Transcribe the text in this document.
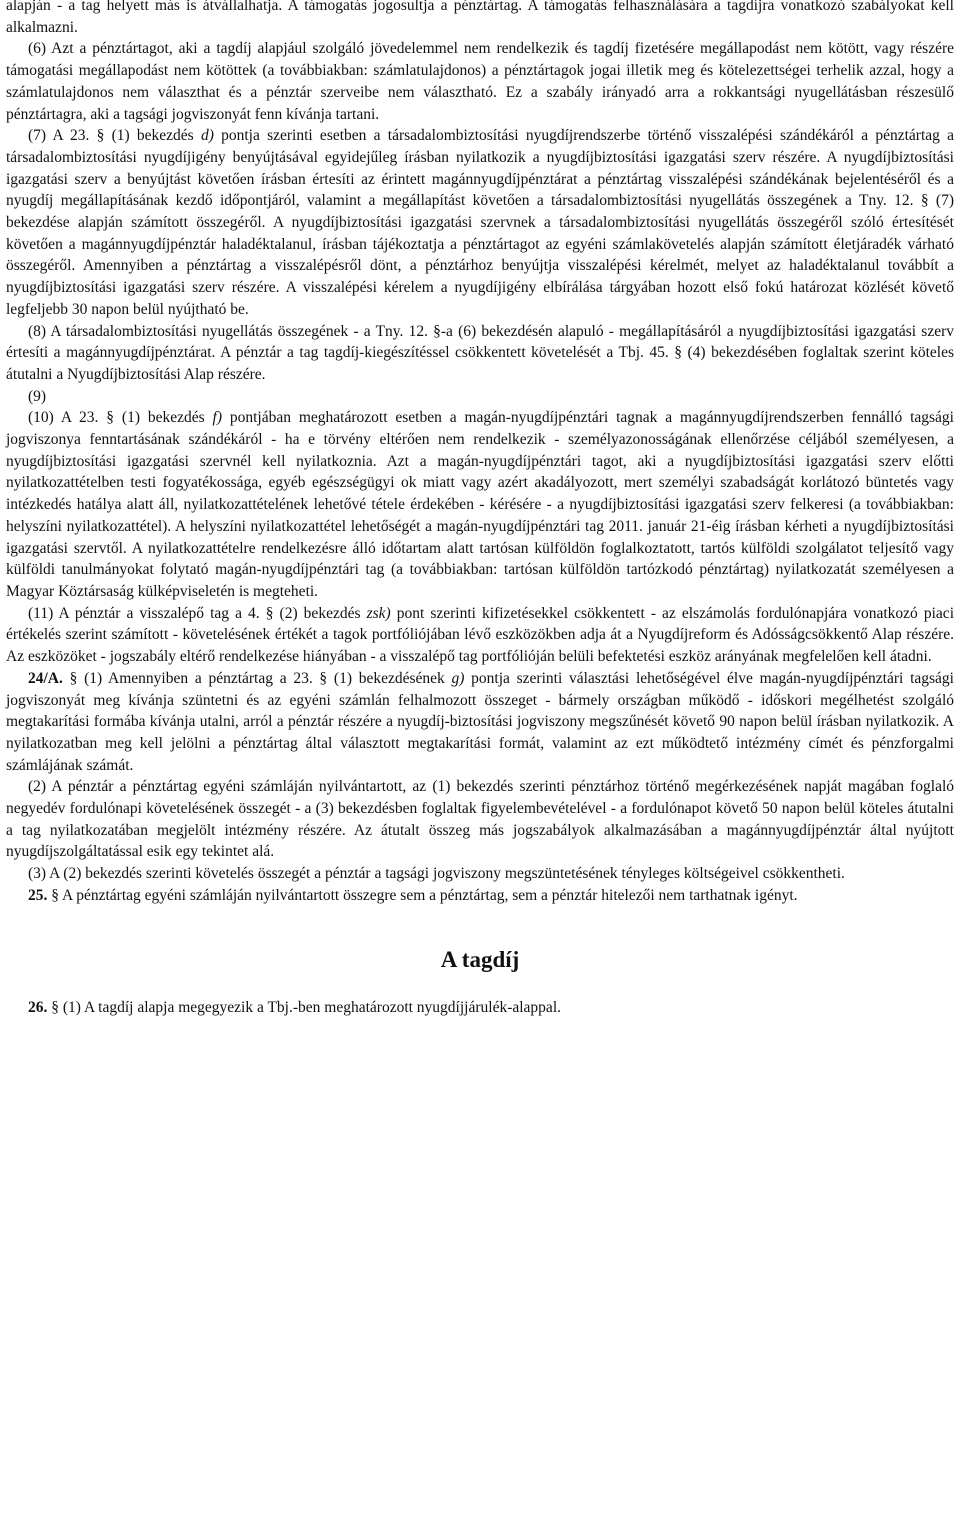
alapján - a tag helyett más is átvállalhatja. A támogatás jogosultja a pénztártag. A támogatás felhasználására a tagdíjra vonatkozó szabályokat kell alkalmazni.

(6) Azt a pénztártagot, aki a tagdíj alapjául szolgáló jövedelemmel nem rendelkezik és tagdíj fizetésére megállapodást nem kötött, vagy részére támogatási megállapodást nem kötöttek (a továbbiakban: számlatulajdonos) a pénztártagok jogai illetik meg és kötelezettségei terhelik azzal, hogy a számlatulajdonos nem választhat és a pénztár szerveibe nem választható. Ez a szabály irányadó arra a rokkantsági nyugellátásban részesülő pénztártagra, aki a tagsági jogviszonyát fenn kívánja tartani.

(7) A 23. § (1) bekezdés d) pontja szerinti esetben a társadalombiztosítási nyugdíjrendszerbe történő visszalépési szándékáról a pénztártag a társadalombiztosítási nyugdíjigény benyújtásával egyidejűleg írásban nyilatkozik a nyugdíjbiztosítási igazgatási szerv részére. A nyugdíjbiztosítási igazgatási szerv a benyújtást követően írásban értesíti az érintett magánnyugdíjpénztárat a pénztártag visszalépési szándékának bejelentéséről és a nyugdíj megállapításának kezdő időpontjáról, valamint a megállapítást követően a társadalombiztosítási nyugellátás összegének a Tny. 12. § (7) bekezdése alapján számított összegéről. A nyugdíjbiztosítási igazgatási szervnek a társadalombiztosítási nyugellátás összegéről szóló értesítését követően a magánnyugdíjpénztár haladéktalanul, írásban tájékoztatja a pénztártagot az egyéni számlakövetelés alapján számított életjáradék várható összegéről. Amennyiben a pénztártag a visszalépésről dönt, a pénztárhoz benyújtja visszalépési kérelmét, melyet az haladéktalanul továbbít a nyugdíjbiztosítási igazgatási szerv részére. A visszalépési kérelem a nyugdíjigény elbírálása tárgyában hozott első fokú határozat közlését követő legfeljebb 30 napon belül nyújtható be.

(8) A társadalombiztosítási nyugellátás összegének - a Tny. 12. §-a (6) bekezdésén alapuló - megállapításáról a nyugdíjbiztosítási igazgatási szerv értesíti a magánnyugdíjpénztárat. A pénztár a tag tagdíj-kiegészítéssel csökkentett követelését a Tbj. 45. § (4) bekezdésében foglaltak szerint köteles átutalni a Nyugdíjbiztosítási Alap részére.

(9)

(10) A 23. § (1) bekezdés f) pontjában meghatározott esetben a magán-nyugdíjpénztári tagnak a magánnyugdíjrendszerben fennálló tagsági jogviszonya fenntartásának szándékáról - ha e törvény eltérően nem rendelkezik - személyazonosságának ellenőrzése céljából személyesen, a nyugdíjbiztosítási igazgatási szervnél kell nyilatkoznia. Azt a magán-nyugdíjpénztári tagot, aki a nyugdíjbiztosítási igazgatási szerv előtti nyilatkozattételben testi fogyatékossága, egyéb egészségügyi ok miatt vagy azért akadályozott, mert személyi szabadságát korlátozó büntetés vagy intézkedés hatálya alatt áll, nyilatkozattételének lehetővé tétele érdekében - kérésére - a nyugdíjbiztosítási igazgatási szerv felkeresi (a továbbiakban: helyszíni nyilatkozattétel). A helyszíni nyilatkozattétel lehetőségét a magán-nyugdíjpénztári tag 2011. január 21-éig írásban kérheti a nyugdíjbiztosítási igazgatási szervtől. A nyilatkozattételre rendelkezésre álló időtartam alatt tartósan külföldön foglalkoztatott, tartós külföldi szolgálatot teljesítő vagy külföldi tanulmányokat folytató magán-nyugdíjpénztári tag (a továbbiakban: tartósan külföldön tartózkodó pénztártag) nyilatkozatát személyesen a Magyar Köztársaság külképviseletén is megteheti.

(11) A pénztár a visszalépő tag a 4. § (2) bekezdés zsk) pont szerinti kifizetésekkel csökkentett - az elszámolás fordulónapjára vonatkozó piaci értékelés szerint számított - követelésének értékét a tagok portfóliójában lévő eszközökben adja át a Nyugdíjreform és Adósságcsökkentő Alap részére. Az eszközöket - jogszabály eltérő rendelkezése hiányában - a visszalépő tag portfólióján belüli befektetési eszköz arányának megfelelően kell átadni.

24/A. § (1) Amennyiben a pénztártag a 23. § (1) bekezdésének g) pontja szerinti választási lehetőségével élve magán-nyugdíjpénztári tagsági jogviszonyát meg kívánja szüntetni és az egyéni számlán felhalmozott összeget - bármely országban működő - időskori megélhetést szolgáló megtakarítási formába kívánja utalni, arról a pénztár részére a nyugdíj-biztosítási jogviszony megszűnését követő 90 napon belül írásban nyilatkozik. A nyilatkozatban meg kell jelölni a pénztártag által választott megtakarítási formát, valamint az ezt működtető intézmény címét és pénzforgalmi számlájának számát.

(2) A pénztár a pénztártag egyéni számláján nyilvántartott, az (1) bekezdés szerinti pénztárhoz történő megérkezésének napját magában foglaló negyedév fordulónapi követelésének összegét - a (3) bekezdésben foglaltak figyelembevételével - a fordulónapot követő 50 napon belül köteles átutalni a tag nyilatkozatában megjelölt intézmény részére. Az átutalt összeg más jogszabályok alkalmazásában a magánnyugdíjpénztár által nyújtott nyugdíjszolgáltatással esik egy tekintet alá.

(3) A (2) bekezdés szerinti követelés összegét a pénztár a tagsági jogviszony megszüntetésének tényleges költségeivel csökkentheti.

25. § A pénztártag egyéni számláján nyilvántartott összegre sem a pénztártag, sem a pénztár hitelezői nem tarthatnak igényt.

A tagdíj

26. § (1) A tagdíj alapja megegyezik a Tbj.-ben meghatározott nyugdíjjárulék-alappal.
